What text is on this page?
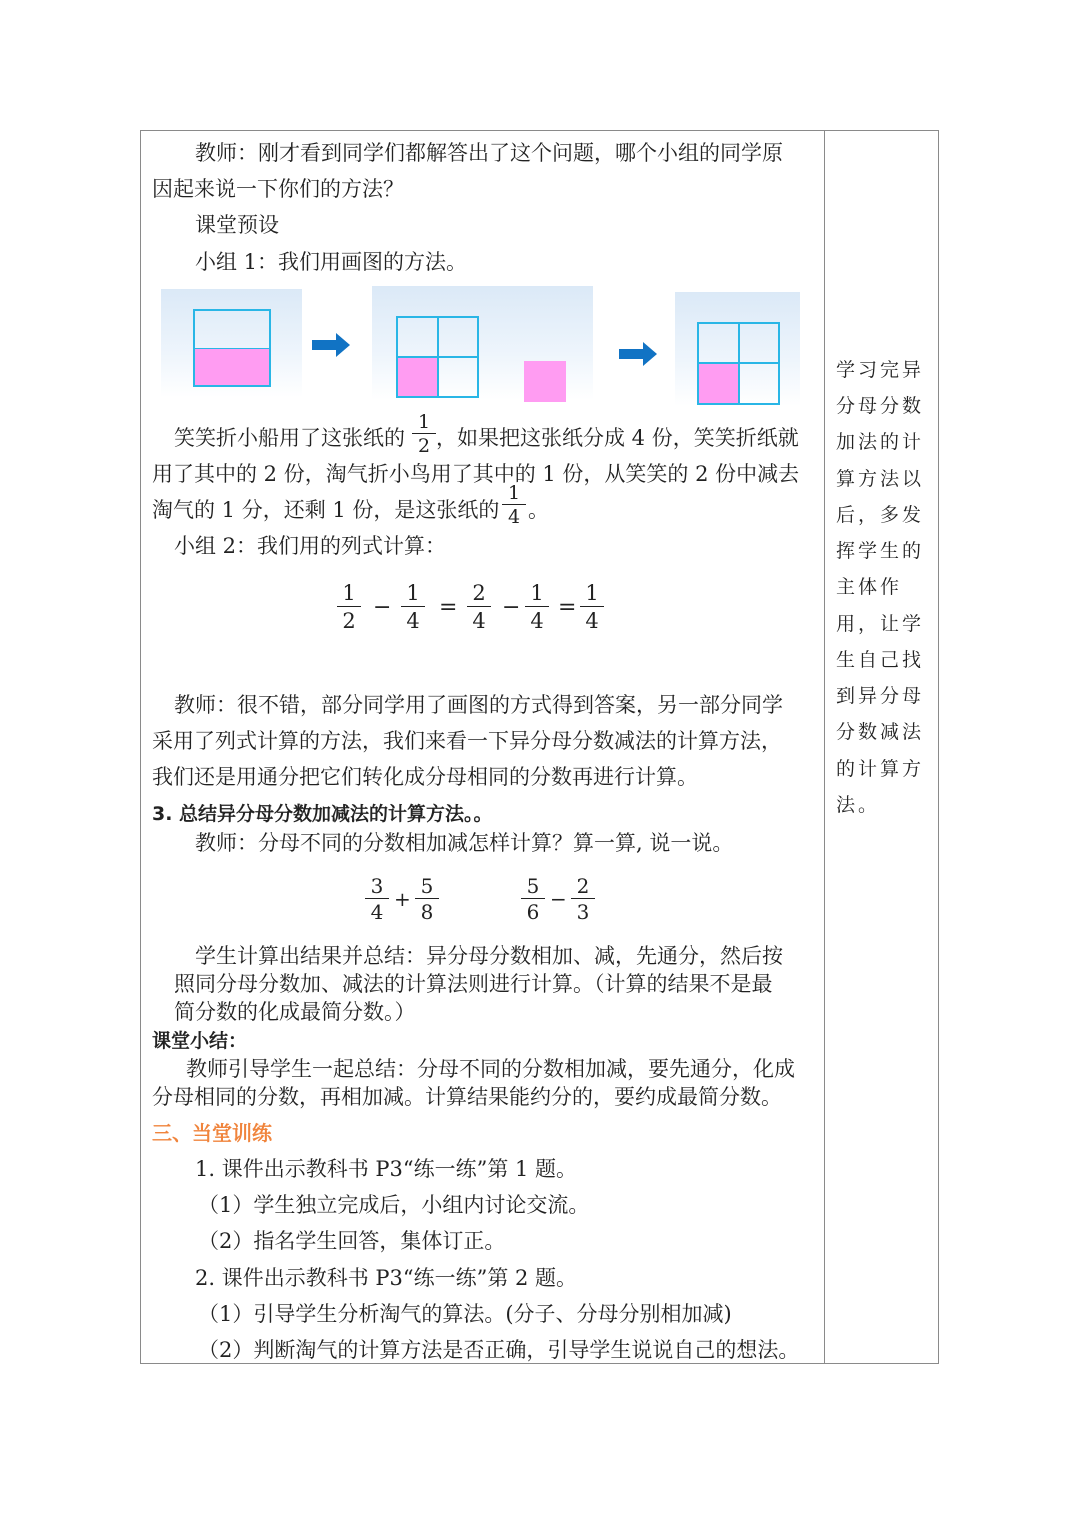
教师：刚才看到同学们都解答出了这个问题，哪个小组的同学原
因起来说一下你们的方法？
课堂预设
小组 1：我们用画图的方法。
笑笑折小船用了这张纸的
1
2 ，如果把这张纸分成 4 份，笑笑折纸就
用了其中的 2 份，淘气折小鸟用了其中的 1 份，从笑笑的 2 份中减去
淘气的 1 分，还剩 1 份，是这张纸的
1
4 。
小组 2：我们用的列式计算：
1
2
−
1
4
=
2
4
−
1
4
=
1
4
教师：很不错，部分同学用了画图的方式得到答案，另一部分同学
采用了列式计算的方法，我们来看一下异分母分数减法的计算方法，
我们还是用通分把它们转化成分母相同的分数再进行计算。
3. 总结异分母分数加减法的计算方法。。
教师：分母不同的分数相加减怎样计算？算一算, 说一说。
3
4
+
5
8
5
6
−
2
3
学生计算出结果并总结：异分母分数相加、减，先通分，然后按
照同分母分数加、减法的计算法则进行计算。（计算的结果不是最
简分数的化成最简分数。）
课堂小结：
教师引导学生一起总结：分母不同的分数相加减，要先通分，化成
分母相同的分数，再相加减。计算结果能约分的，要约成最简分数。
三、当堂训练
1. 课件出示教科书 P3“练一练”第 1 题。
（1）学生独立完成后，小组内讨论交流。
（2）指名学生回答，集体订正。
2. 课件出示教科书 P3“练一练”第 2 题。
（1）引导学生分析淘气的算法。(分子、分母分别相加减)
（2）判断淘气的计算方法是否正确，引导学生说说自己的想法。
学习完异
分母分数
加法的计
算方法以
后，多发
挥学生的
主体作
用，让学
生自己找
到异分母
分数减法
的计算方
法。
